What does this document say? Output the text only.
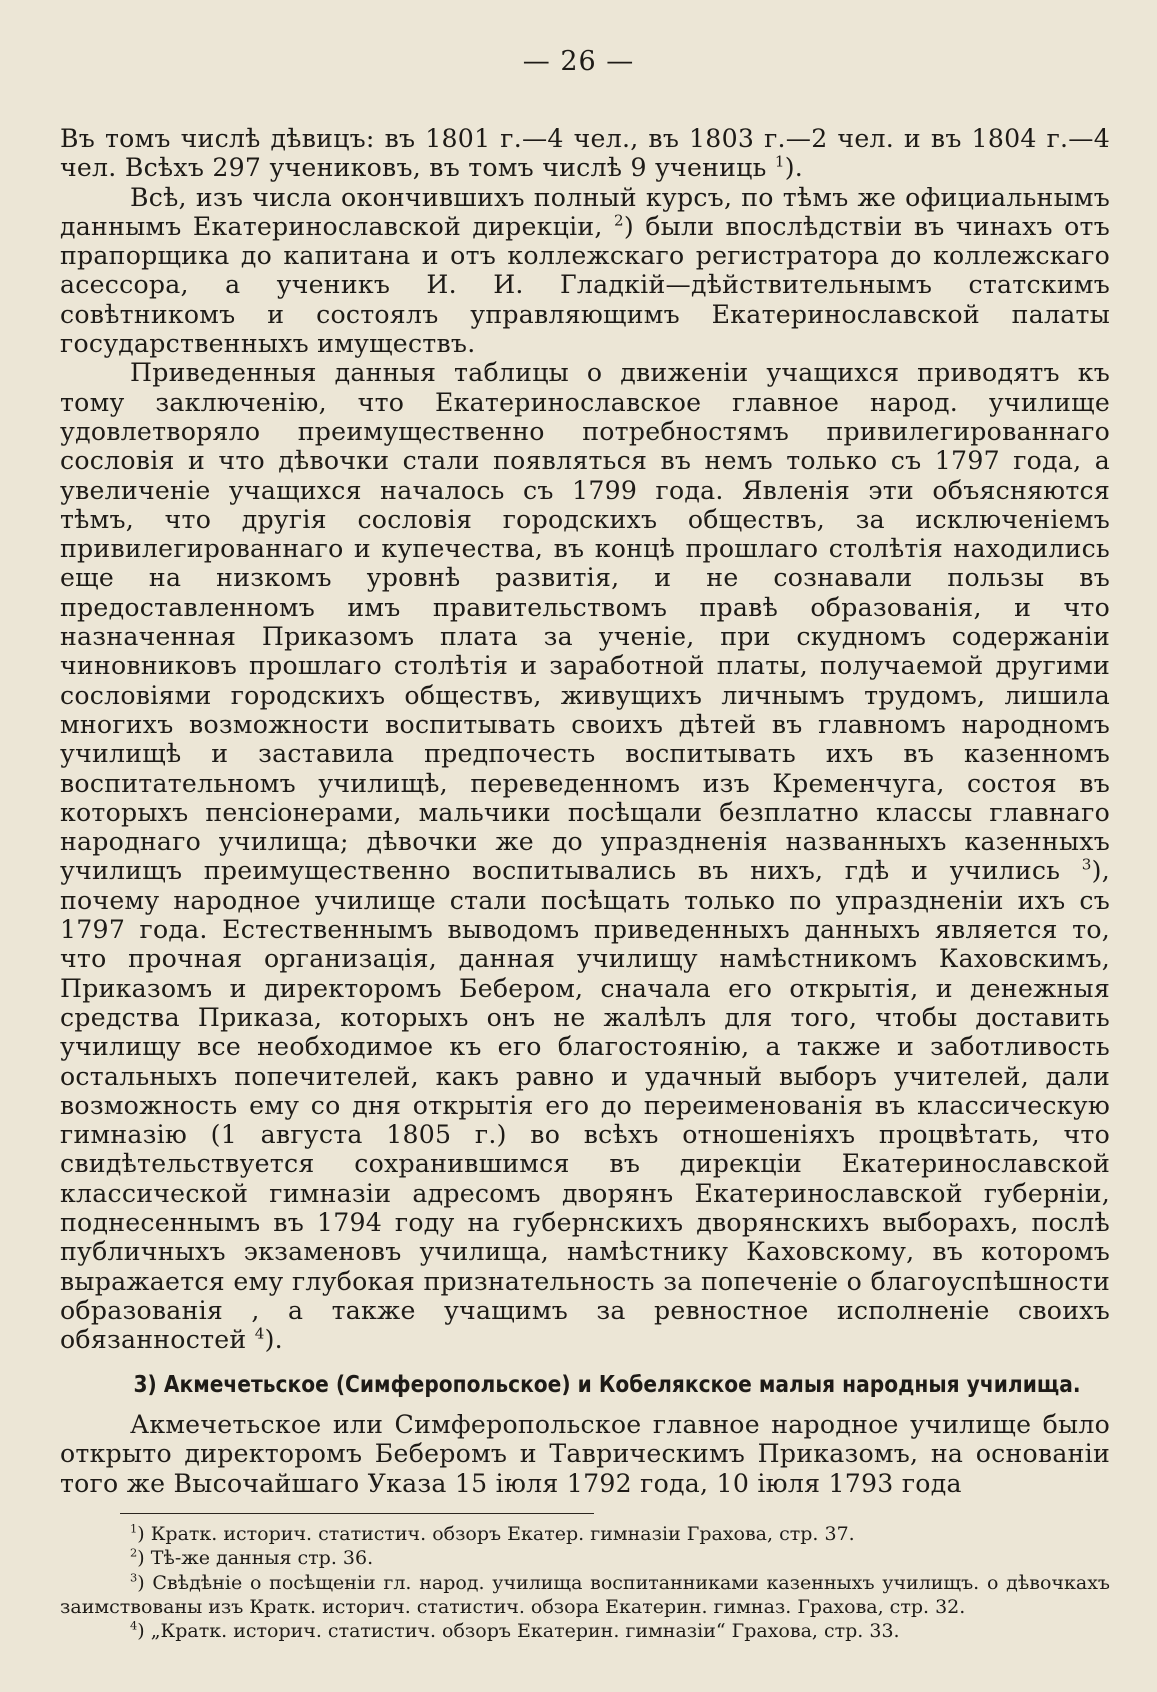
— 26 —

Въ томъ числѣ дѣвицъ: въ 1801 г.—4 чел., въ 1803 г.—2 чел. и въ 1804 г.—4 чел. Всѣхъ 297 учениковъ, въ томъ числѣ 9 учениць $^1$).

Всѣ, изъ числа окончившихъ полный курсъ, по тѣмъ же официальнымъ даннымъ Екатеринославской дирекціи, $^2$) были впослѣдствіи въ чинахъ отъ прапорщика до капитана и отъ коллежскаго регистратора до коллежскаго асессора, а ученикъ И. И. Гладкій—дѣйствительнымъ статскимъ совѣтникомъ и состоялъ управляющимъ Екатеринославской палаты государственныхъ имуществъ.

Приведенныя данныя таблицы о движеніи учащихся приводятъ къ тому заключенію, что Екатеринославское главное народ. училище удовлетворяло преимущественно потребностямъ привилегированнаго сословія и что дѣвочки стали появляться въ немъ только съ 1797 года, а увеличеніе учащихся началось съ 1799 года. Явленія эти объясняются тѣмъ, что другія сословія городскихъ обществъ, за исключеніемъ привилегированнаго и купечества, въ концѣ прошлаго столѣтія находились еще на низкомъ уровнѣ развитія, и не сознавали пользы въ предоставленномъ имъ правительствомъ правѣ образованія, и что назначенная Приказомъ плата за ученіе, при скудномъ содержаніи чиновниковъ прошлаго столѣтія и заработной платы, получаемой другими сословіями городскихъ обществъ, живущихъ личнымъ трудомъ, лишила многихъ возможности воспитывать своихъ дѣтей въ главномъ народномъ училищѣ и заставила предпочесть воспитывать ихъ въ казенномъ воспитательномъ училищѣ, переведенномъ изъ Кременчуга, состоя въ которыхъ пенсіонерами, мальчики посѣщали безплатно классы главнаго народнаго училища; дѣвочки же до упраздненія названныхъ казенныхъ училищъ преимущественно воспитывались въ нихъ, гдѣ и учились $^3$), почему народное училище стали посѣщать только по упраздненіи ихъ съ 1797 года. Естественнымъ выводомъ приведенныхъ данныхъ является то, что прочная организація, данная училищу намѣстникомъ Каховскимъ, Приказомъ и директоромъ Бебером, сначала его открытія, и денежныя средства Приказа, которыхъ онъ не жалѣлъ для того, чтобы доставить училищу все необходимое къ его благостоянію, а также и заботливость остальныхъ попечителей, какъ равно и удачный выборъ учителей, дали возможность ему со дня открытія его до переименованія въ классическую гимназію (1 августа 1805 г.) во всѣхъ отношеніяхъ процвѣтать, что свидѣтельствуется сохранившимся въ дирекціи Екатеринославской классической гимназіи адресомъ дворянъ Екатеринославской губерніи, поднесеннымъ въ 1794 году на губернскихъ дворянскихъ выборахъ, послѣ публичныхъ экзаменовъ училища, намѣстнику Каховскому, въ которомъ выражается ему глубокая признательность за попеченіе о благоуспѣшности образованія , а также учащимъ за ревностное исполненіе своихъ обязанностей $^4$).

3) Акмечетьское (Симферопольское) и Кобелякское малыя народныя училища.

Акмечетьское или Симферопольское главное народное училище было открыто директоромъ Беберомъ и Таврическимъ Приказомъ, на основаніи того же Высочайшаго Указа 15 іюля 1792 года, 10 іюля 1793 года

$^1$) Кратк. историч. статистич. обзоръ Екатер. гимназіи Грахова, стр. 37.

$^2$) Тѣ-же данныя стр. 36.

$^3$) Свѣдѣніе о посѣщеніи гл. народ. училища воспитанниками казенныхъ училищъ. о дѣвочкахъ заимствованы изъ Кратк. историч. статистич. обзора Екатерин. гимназ. Грахова, стр. 32.

$^4$) „Кратк. историч. статистич. обзоръ Екатерин. гимназіи“ Грахова, стр. 33.
